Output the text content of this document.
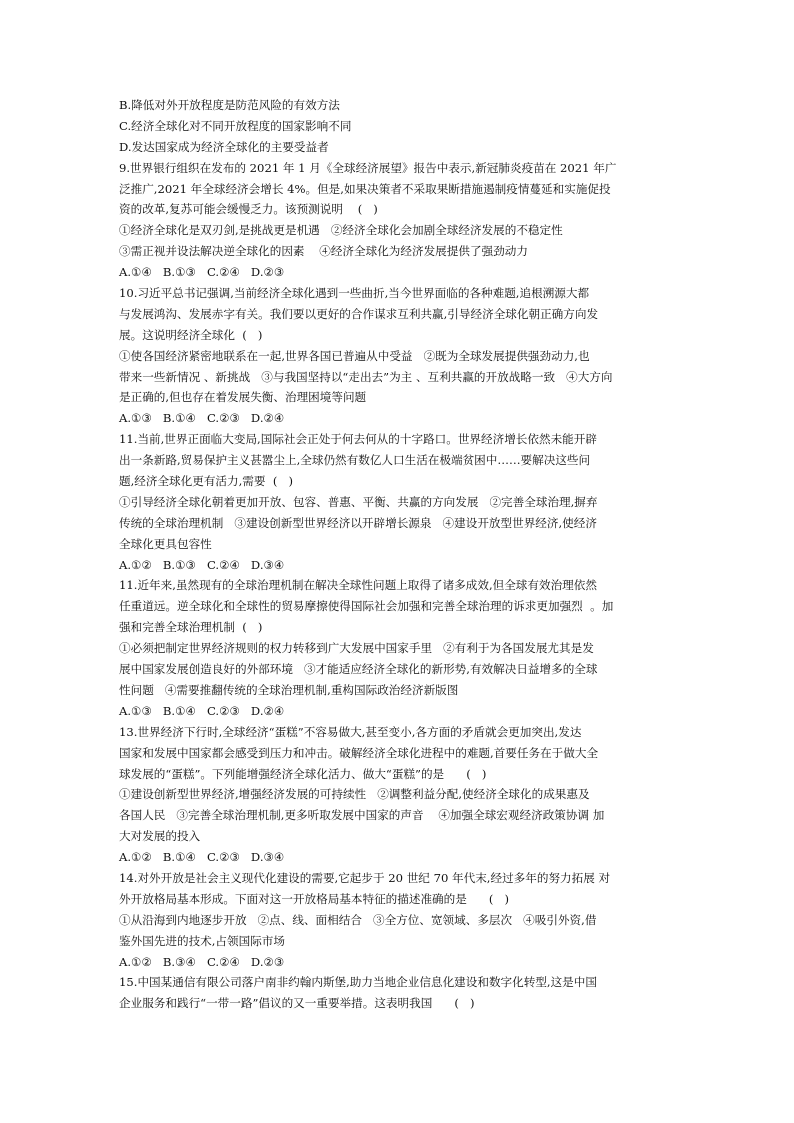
B.降低对外开放程度是防范风险的有效方法
C.经济全球化对不同开放程度的国家影响不同
D.发达国家成为经济全球化的主要受益者
9.世界银行组织在发布的 2021 年 1 月《全球经济展望》报告中表示,新冠肺炎疫苗在 2021 年广
泛推广,2021 年全球经济会增长 4%。但是,如果决策者不采取果断措施遏制疫情蔓延和实施促投
资的改革,复苏可能会缓慢乏力。该预测说明    (   )
①经济全球化是双刃剑,是挑战更是机遇   ②经济全球化会加剧全球经济发展的不稳定性
③需正视并设法解决逆全球化的因素    ④经济全球化为经济发展提供了强劲动力
A.①④   B.①③   C.②④   D.②③
10.习近平总书记强调,当前经济全球化遇到一些曲折,当今世界面临的各种难题,追根溯源大都
与发展鸿沟、发展赤字有关。我们要以更好的合作谋求互利共赢,引导经济全球化朝正确方向发
展。这说明经济全球化  (   )
①使各国经济紧密地联系在一起,世界各国已普遍从中受益   ②既为全球发展提供强劲动力,也
带来一些新情况 、新挑战   ③与我国坚持以“走出去”为主 、互利共赢的开放战略一致   ④大方向
是正确的,但也存在着发展失衡、治理困境等问题
A.①③   B.①④   C.②③   D.②④
11.当前,世界正面临大变局,国际社会正处于何去何从的十字路口。世界经济增长依然未能开辟
出一条新路,贸易保护主义甚嚣尘上,全球仍然有数亿人口生活在极端贫困中……要解决这些问
题,经济全球化更有活力,需要  (   )
①引导经济全球化朝着更加开放、包容、普惠、平衡、共赢的方向发展   ②完善全球治理,摒弃
传统的全球治理机制   ③建设创新型世界经济以开辟增长源泉   ④建设开放型世界经济,使经济
全球化更具包容性
A.①②   B.①③   C.②④   D.③④
11.近年来,虽然现有的全球治理机制在解决全球性问题上取得了诸多成效,但全球有效治理依然
任重道远。逆全球化和全球性的贸易摩擦使得国际社会加强和完善全球治理的诉求更加强烈  。加
强和完善全球治理机制  (   )
①必须把制定世界经济规则的权力转移到广大发展中国家手里   ②有利于为各国发展尤其是发
展中国家发展创造良好的外部环境   ③才能适应经济全球化的新形势,有效解决日益增多的全球
性问题   ④需要推翻传统的全球治理机制,重构国际政治经济新版图
A.①③   B.①④   C.②③   D.②④
13.世界经济下行时,全球经济“蛋糕”不容易做大,甚至变小,各方面的矛盾就会更加突出,发达
国家和发展中国家都会感受到压力和冲击。破解经济全球化进程中的难题,首要任务在于做大全
球发展的“蛋糕”。下列能增强经济全球化活力、做大“蛋糕”的是      (   )
①建设创新型世界经济,增强经济发展的可持续性   ②调整利益分配,使经济全球化的成果惠及
各国人民   ③完善全球治理机制,更多听取发展中国家的声音    ④加强全球宏观经济政策协调 加
大对发展的投入
A.①②   B.①④   C.②③   D.③④
14.对外开放是社会主义现代化建设的需要,它起步于 20 世纪 70 年代末,经过多年的努力拓展 对
外开放格局基本形成。下面对这一开放格局基本特征的描述准确的是      (   )
①从沿海到内地逐步开放   ②点、线、面相结合   ③全方位、宽领域、多层次   ④吸引外资,借
鉴外国先进的技术,占领国际市场
A.①②   B.③④   C.②④   D.②③
15.中国某通信有限公司落户南非约翰内斯堡,助力当地企业信息化建设和数字化转型,这是中国
企业服务和践行“一带一路”倡议的又一重要举措。这表明我国      (   )
